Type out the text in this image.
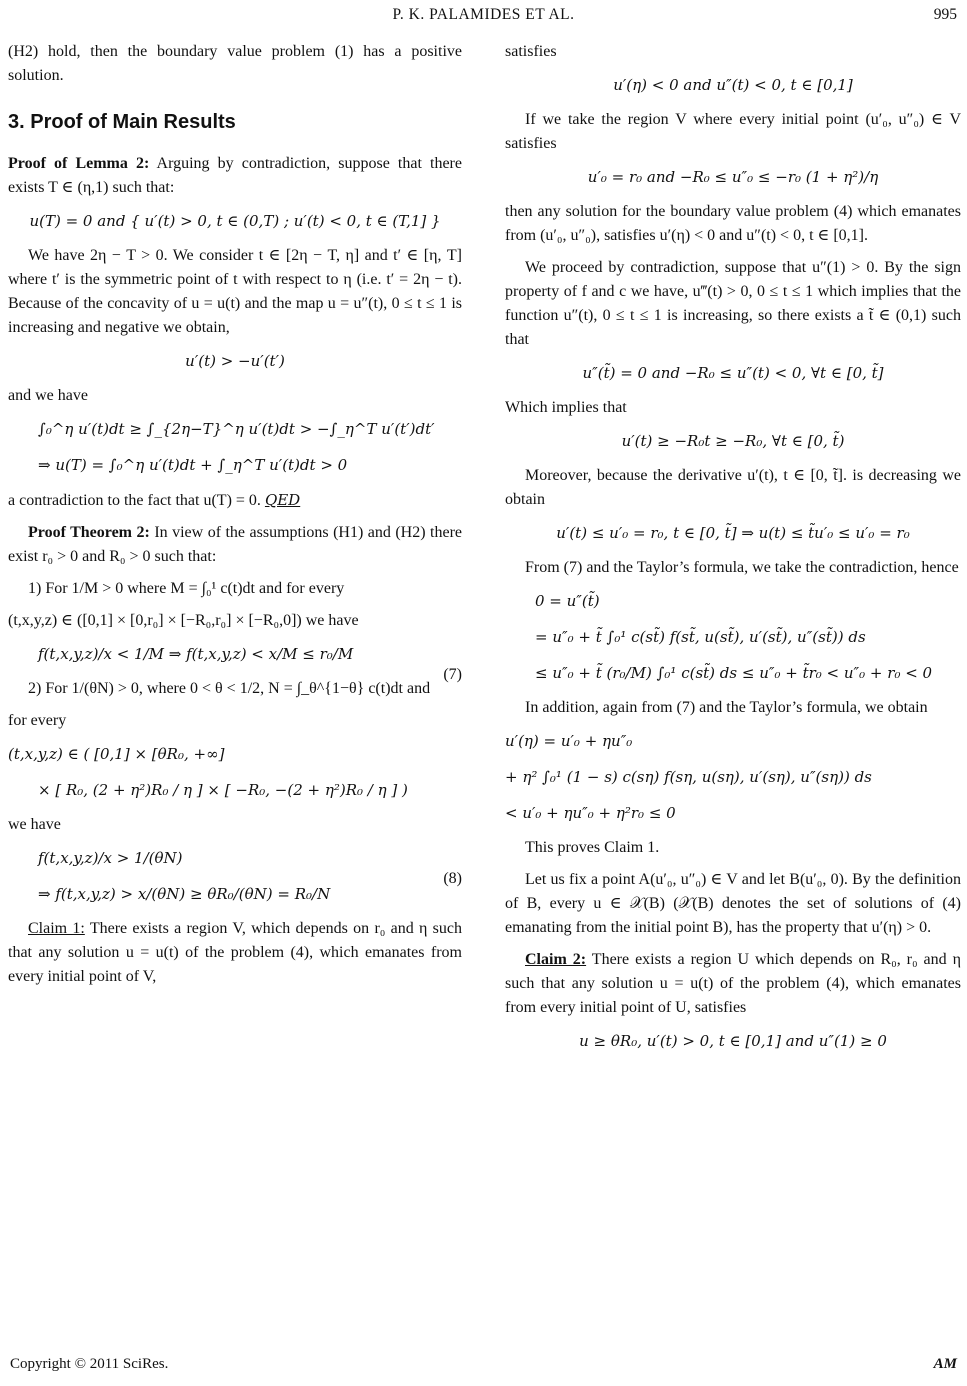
P. K. PALAMIDES ET AL.	995

(H2) hold, then the boundary value problem (1) has a positive solution.

3. Proof of Main Results

Proof of Lemma 2: Arguing by contradiction, suppose that there exists T ∈ (η,1) such that:

u(T) = 0 and { u′(t) > 0, t ∈ (0,T) ; u′(t) < 0, t ∈ (T,1] }

We have 2η − T > 0. We consider t ∈ [2η − T, η] and t′ ∈ [η, T] where t′ is the symmetric point of t with respect to η (i.e. t′ = 2η − t). Because of the concavity of u = u(t) and the map u = u″(t), 0 ≤ t ≤ 1 is increasing and negative we obtain,

u′(t) > −u′(t′)

and we have

∫₀^η u′(t)dt ≥ ∫_{2η−T}^η u′(t)dt > −∫_η^T u′(t′)dt′
⇒ u(T) = ∫₀^η u′(t)dt + ∫_η^T u′(t)dt > 0

a contradiction to the fact that u(T) = 0. QED

Proof Theorem 2: In view of the assumptions (H1) and (H2) there exist r₀ > 0 and R₀ > 0 such that:

1) For 1/M > 0 where M = ∫₀¹ c(t)dt and for every

(t,x,y,z) ∈ ([0,1] × [0,r₀] × [−R₀,r₀] × [−R₀,0]) we have

f(t,x,y,z)/x < 1/M ⇒ f(t,x,y,z) < x/M ≤ r₀/M
(7)

2) For 1/(θN) > 0, where 0 < θ < 1/2, N = ∫_θ^{1−θ} c(t)dt and

for every

(t,x,y,z) ∈ ( [0,1] × [θR₀, +∞]
× [ R₀, (2 + η²)R₀ / η ] × [ −R₀, −(2 + η²)R₀ / η ] )

we have

f(t,x,y,z)/x > 1/(θN)
⇒ f(t,x,y,z) > x/(θN) ≥ θR₀/(θN) = R₀/N
(8)

Claim 1: There exists a region V, which depends on r₀ and η such that any solution u = u(t) of the problem (4), which emanates from every initial point of V,

satisfies

u′(η) < 0 and u″(t) < 0, t ∈ [0,1]

If we take the region V where every initial point (u′₀, u″₀) ∈ V satisfies

u′₀ = r₀ and −R₀ ≤ u″₀ ≤ −r₀ (1 + η²)/η

then any solution for the boundary value problem (4) which emanates from (u′₀, u″₀), satisfies u′(η) < 0 and u″(t) < 0, t ∈ [0,1].

We proceed by contradiction, suppose that u″(1) > 0. By the sign property of f and c we have, u‴(t) > 0, 0 ≤ t ≤ 1 which implies that the function u″(t), 0 ≤ t ≤ 1 is increasing, so there exists a t̃ ∈ (0,1) such that

u″(t̃) = 0 and −R₀ ≤ u″(t) < 0, ∀t ∈ [0, t̃]

Which implies that

u′(t) ≥ −R₀t ≥ −R₀, ∀t ∈ [0, t̃)

Moreover, because the derivative u′(t), t ∈ [0, t̃]. is decreasing we obtain

u′(t) ≤ u′₀ = r₀, t ∈ [0, t̃] ⇒ u(t) ≤ t̃u′₀ ≤ u′₀ = r₀

From (7) and the Taylor’s formula, we take the contradiction, hence

0 = u″(t̃)
= u″₀ + t̃ ∫₀¹ c(st̃) f(st̃, u(st̃), u′(st̃), u″(st̃)) ds
≤ u″₀ + t̃ (r₀/M) ∫₀¹ c(st̃) ds ≤ u″₀ + t̃r₀ < u″₀ + r₀ < 0

In addition, again from (7) and the Taylor’s formula, we obtain

u′(η) = u′₀ + ηu″₀
+ η² ∫₀¹ (1 − s) c(sη) f(sη, u(sη), u′(sη), u″(sη)) ds
< u′₀ + ηu″₀ + η²r₀ ≤ 0

This proves Claim 1.

Let us fix a point A(u′₀, u″₀) ∈ V and let B(u′₀, 0). By the definition of B, every u ∈ 𝒳(B) (𝒳(B) denotes the set of solutions of (4) emanating from the initial point B), has the property that u′(η) > 0.

Claim 2: There exists a region U which depends on R₀, r₀ and η such that any solution u = u(t) of the problem (4), which emanates from every initial point of U, satisfies

u ≥ θR₀, u′(t) > 0, t ∈ [0,1] and u″(1) ≥ 0
Copyright © 2011 SciRes.	AM
